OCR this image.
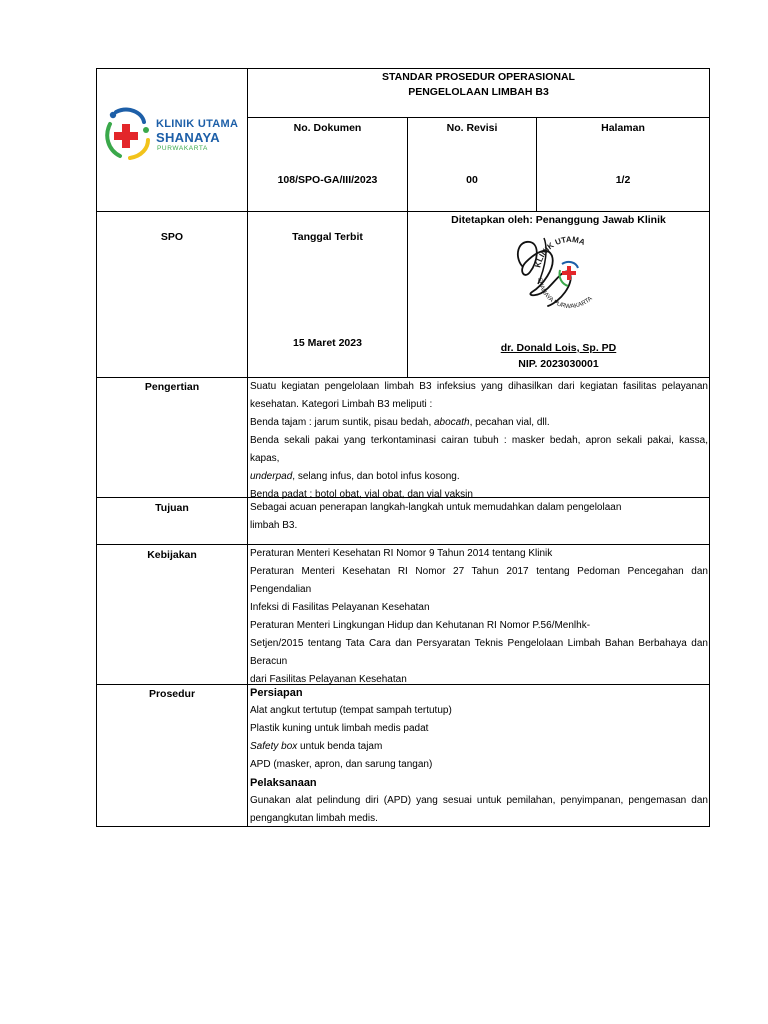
KLINIK UTAMA
SHANAYA
PURWAKARTA
STANDAR PROSEDUR OPERASIONAL
PENGELOLAAN LIMBAH B3
No. Dokumen	No. Revisi	Halaman
108/SPO-GA/III/2023	00	1/2
SPO	Tanggal Terbit
15 Maret 2023
Ditetapkan oleh: Penanggung Jawab Klinik
KLINIK UTAMA
SHANAYA PURWAKARTA
dr. Donald Lois, Sp. PD
NIP. 2023030001
Pengertian	Suatu kegiatan pengelolaan limbah B3 infeksius yang dihasilkan dari kegiatan fasilitas pelayanan
kesehatan. Kategori Limbah B3 meliputi :
Benda tajam : jarum suntik, pisau bedah, abocath, pecahan vial, dll.
Benda sekali pakai yang terkontaminasi cairan tubuh : masker bedah, apron sekali pakai, kassa, kapas,
underpad, selang infus, dan botol infus kosong.
Benda padat : botol obat, vial obat, dan vial vaksin
Tujuan	Sebagai acuan penerapan langkah-langkah untuk memudahkan dalam pengelolaan
limbah B3.
Kebijakan	Peraturan Menteri Kesehatan RI Nomor 9 Tahun 2014 tentang Klinik
Peraturan Menteri Kesehatan RI Nomor 27 Tahun 2017 tentang Pedoman Pencegahan dan Pengendalian
Infeksi di Fasilitas Pelayanan Kesehatan
Peraturan Menteri Lingkungan Hidup dan Kehutanan RI Nomor P.56/Menlhk-
Setjen/2015 tentang Tata Cara dan Persyaratan Teknis Pengelolaan Limbah Bahan Berbahaya dan Beracun
dari Fasilitas Pelayanan Kesehatan
Prosedur	Persiapan
Alat angkut tertutup (tempat sampah tertutup)
Plastik kuning untuk limbah medis padat
Safety box untuk benda tajam
APD (masker, apron, dan sarung tangan)
Pelaksanaan
Gunakan alat pelindung diri (APD) yang sesuai untuk pemilahan, penyimpanan, pengemasan dan
pengangkutan limbah medis.
